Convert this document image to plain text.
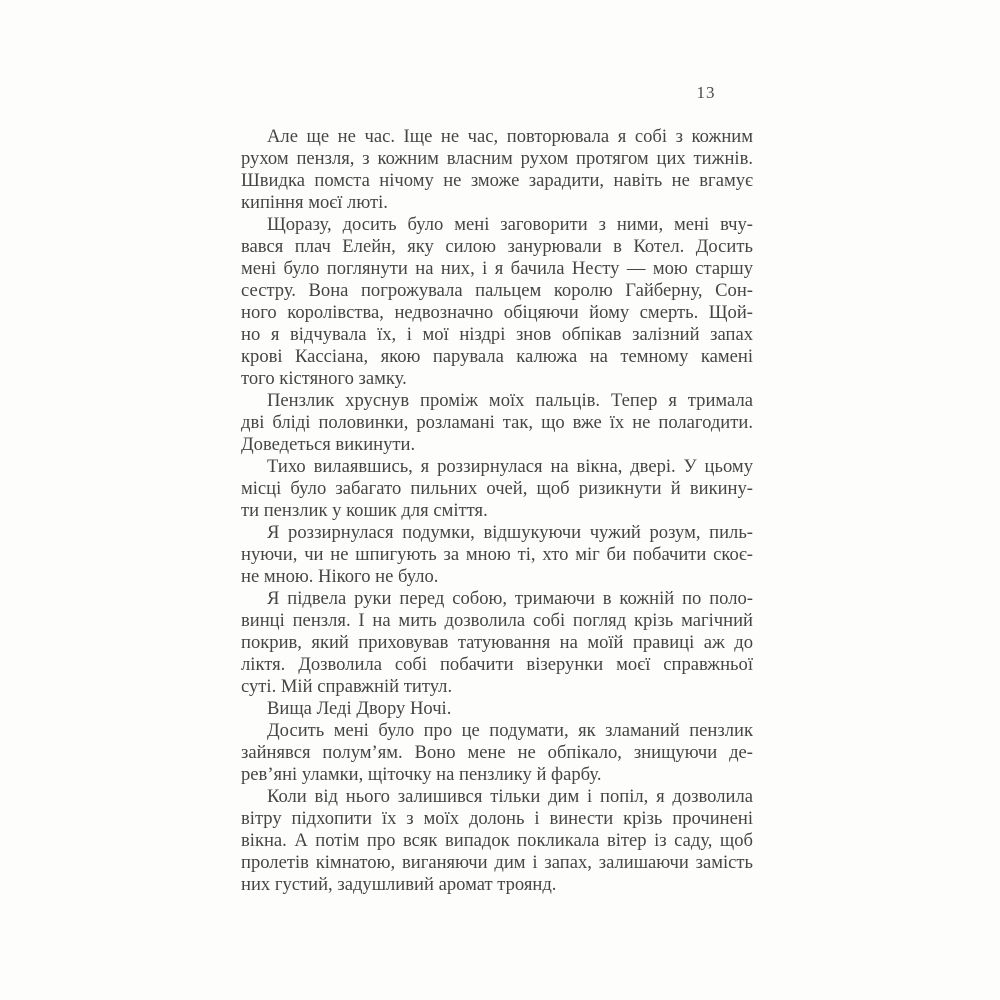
13
Але ще не час. Іще не час, повторювала я собі з кожним
рухом пензля, з кожним власним рухом протягом цих тижнів.
Швидка помста нічому не зможе зарадити, навіть не вгамує
кипіння моєї люті.
Щоразу, досить було мені заговорити з ними, мені вчу-
вався плач Елейн, яку силою занурювали в Котел. Досить
мені було поглянути на них, і я бачила Несту — мою старшу
сестру. Вона погрожувала пальцем королю Гайберну, Сон-
ного королівства, недвозначно обіцяючи йому смерть. Щой-
но я відчувала їх, і мої ніздрі знов обпікав залізний запах
крові Кассіана, якою парувала калюжа на темному камені
того кістяного замку.
Пензлик хруснув проміж моїх пальців. Тепер я тримала
дві бліді половинки, розламані так, що вже їх не полагодити.
Доведеться викинути.
Тихо вилаявшись, я роззирнулася на вікна, двері. У цьому
місці було забагато пильних очей, щоб ризикнути й викину-
ти пензлик у кошик для сміття.
Я роззирнулася подумки, відшукуючи чужий розум, пиль-
нуючи, чи не шпигують за мною ті, хто міг би побачити скоє-
не мною. Нікого не було.
Я підвела руки перед собою, тримаючи в кожній по поло-
винці пензля. І на мить дозволила собі погляд крізь магічний
покрив, який приховував татуювання на моїй правиці аж до
ліктя. Дозволила собі побачити візерунки моєї справжньої
суті. Мій справжній титул.
Вища Леді Двору Ночі.
Досить мені було про це подумати, як зламаний пензлик
зайнявся полум’ям. Воно мене не обпікало, знищуючи де-
рев’яні уламки, щіточку на пензлику й фарбу.
Коли від нього залишився тільки дим і попіл, я дозволила
вітру підхопити їх з моїх долонь і винести крізь прочинені
вікна. А потім про всяк випадок покликала вітер із саду, щоб
пролетів кімнатою, виганяючи дим і запах, залишаючи замість
них густий, задушливий аромат троянд.
